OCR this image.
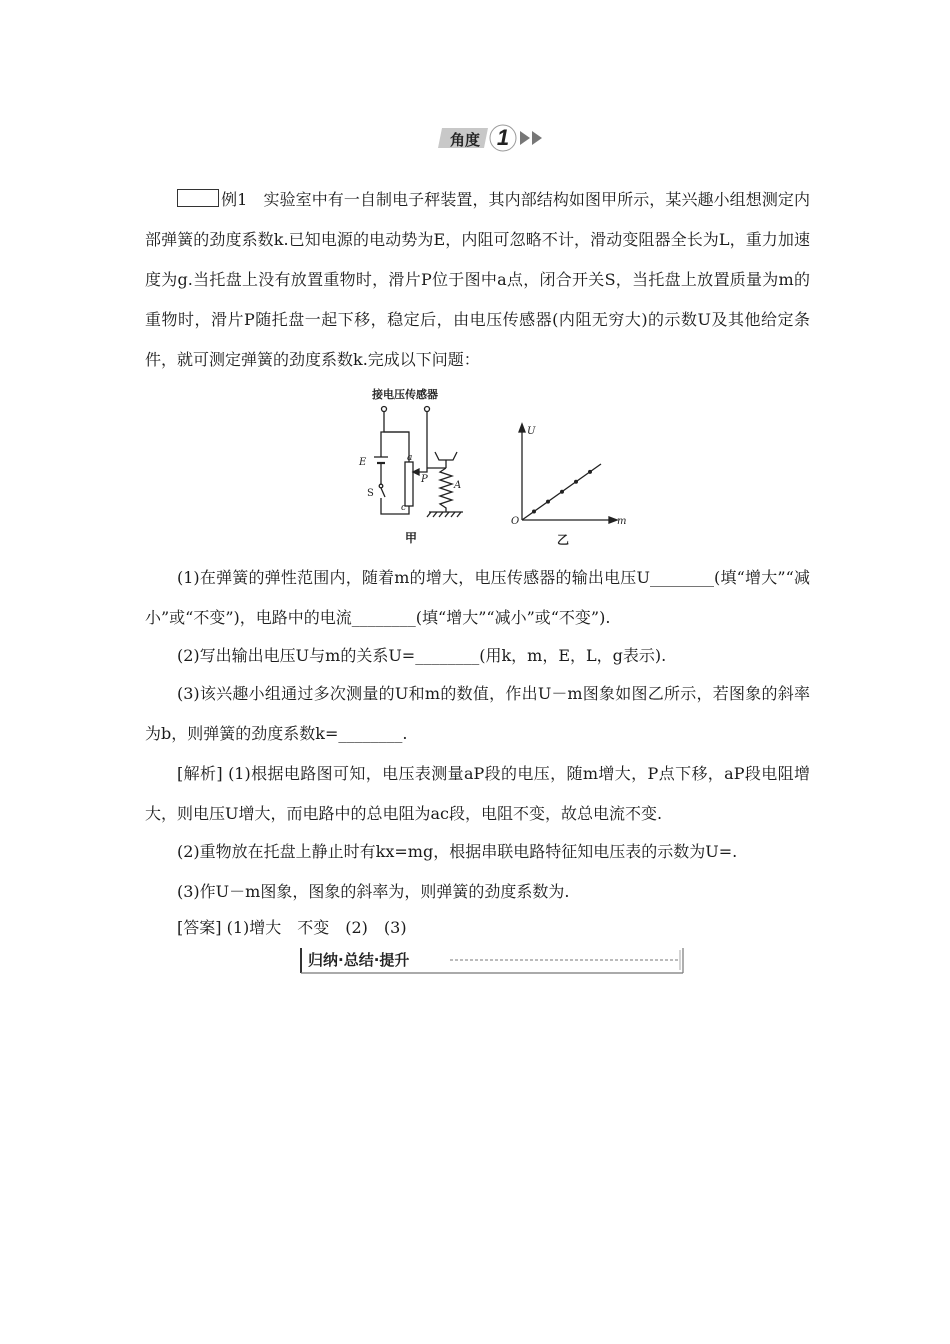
角度 1
例1　 实验室中有一自制电子秤装置，其内部结构如图甲所示，某兴趣小组想测定内部弹簧的劲度系数k.已知电源的电动势为E，内阻可忽略不计，滑动变阻器全长为L，重力加速度为g.当托盘上没有放置重物时，滑片P位于图中a点，闭合开关S，当托盘上放置质量为m的重物时，滑片P随托盘一起下移，稳定后，由电压传感器(内阻无穷大)的示数U及其他给定条件，就可测定弹簧的劲度系数k.完成以下问题：
接电压传感器
E
S
a
P
c
A
甲
U
m
O
乙
(1)在弹簧的弹性范围内，随着m的增大，电压传感器的输出电压U________(填“增大”“减小”或“不变”)，电路中的电流________(填“增大”“减小”或“不变”).
(2)写出输出电压U与m的关系U=________(用k，m，E，L，g表示).
(3)该兴趣小组通过多次测量的U和m的数值，作出U－m图象如图乙所示，若图象的斜率为b，则弹簧的劲度系数k=________.
[解析] (1)根据电路图可知，电压表测量aP段的电压，随m增大，P点下移，aP段电阻增大，则电压U增大，而电路中的总电阻为ac段，电阻不变，故总电流不变.
(2)重物放在托盘上静止时有kx=mg，根据串联电路特征知电压表的示数为U=.
(3)作U－m图象，图象的斜率为，则弹簧的劲度系数为.
[答案] (1)增大　不变　(2)　(3)
归纳·总结·提升
